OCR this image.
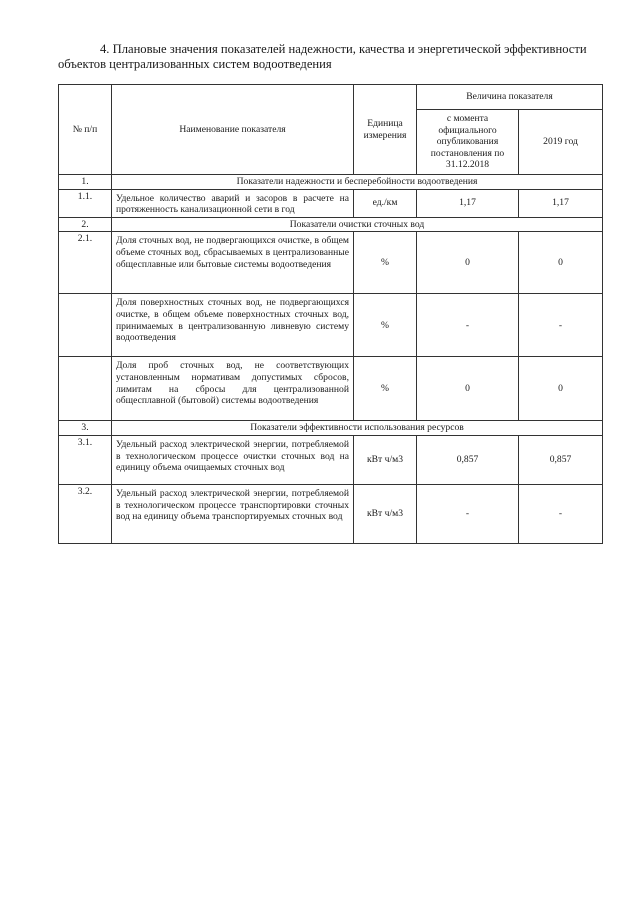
4. Плановые значения показателей надежности, качества и энергетической эффективности
объектов централизованных систем водоотведения
№ п/п	Наименование показателя	Единица измерения	Величина показателя	
			с момента официального опубликования постановления по 31.12.2018	2019 год
1.	Показатели надежности и бесперебойности водоотведения			
1.1.	Удельное количество аварий и засоров в расчете на протяженность канализационной сети в год	ед./км	1,17	1,17
2.	Показатели очистки сточных вод			
2.1.	Доля сточных вод, не подвергающихся очистке, в общем объеме сточных вод, сбрасываемых в централизованные общесплавные или бытовые системы водоотведения	%	0	0
	Доля поверхностных сточных вод, не подвергающихся очистке, в общем объеме поверхностных сточных вод, принимаемых в централизованную ливневую систему водоотведения	%	-	-
	Доля проб сточных вод, не соответствующих установленным нормативам допустимых сбросов, лимитам на сбросы для централизованной общесплавной (бытовой) системы водоотведения	%	0	0
3.	Показатели эффективности использования ресурсов			
3.1.	Удельный расход электрической энергии, потребляемой в технологическом процессе очистки сточных вод на единицу объема очищаемых сточных вод	кВт ч/м3	0,857	0,857
3.2.	Удельный расход электрической энергии, потребляемой в технологическом процессе транспортировки сточных вод на единицу объема транспортируемых сточных вод	кВт ч/м3	-	-
